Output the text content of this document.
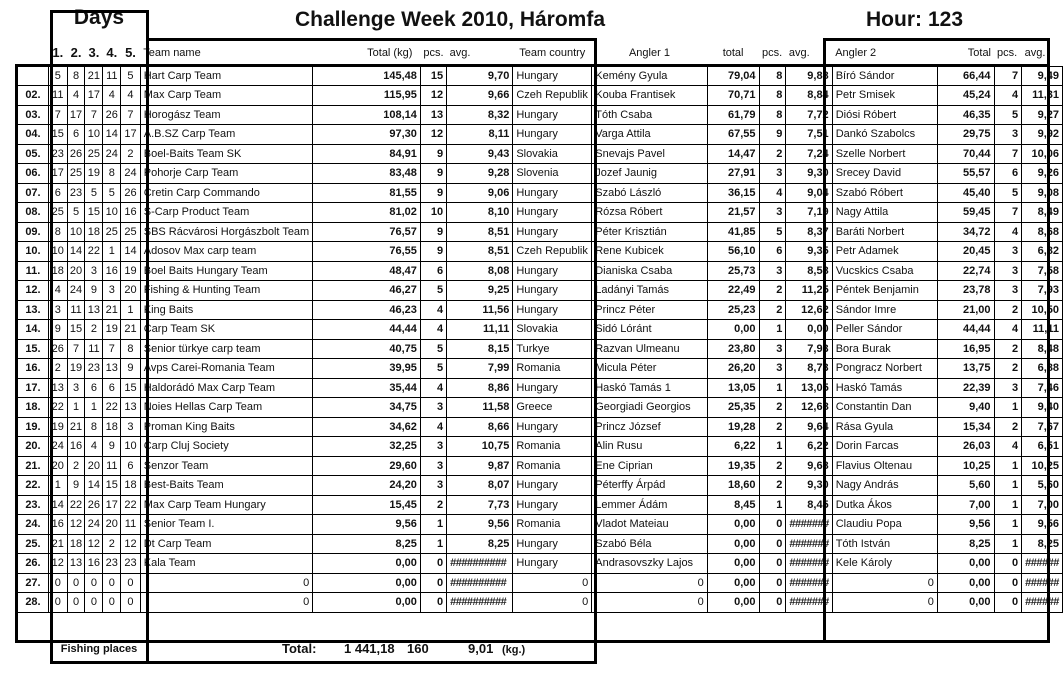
Days	Challenge Week 2010, Háromfa	Hour: 123
	1.	2.	3.	4.	5.	Team name	Total (kg)	pcs.	avg.	Team country	Angler 1	total	pcs.	avg.	Angler 2	Total	pcs.	avg.
	5	8	21	11	5	Hart Carp Team	145,48	15	9,70	Hungary	Kemény Gyula	79,04	8	9,88	Bíró Sándor	66,44	7	9,49
02.	11	4	17	4	4	Max Carp Team	115,95	12	9,66	Czeh Republik	Kouba Frantisek	70,71	8	8,84	Petr Smisek	45,24	4	11,31
03.	7	17	7	26	7	Horogász Team	108,14	13	8,32	Hungary	Tóth Csaba	61,79	8	7,72	Diósi Róbert	46,35	5	9,27
04.	15	6	10	14	17	A.B.SZ Carp Team	97,30	12	8,11	Hungary	Varga Attila	67,55	9	7,51	Dankó Szabolcs	29,75	3	9,92
05.	23	26	25	24	2	Boel-Baits Team SK	84,91	9	9,43	Slovakia	Snevajs Pavel	14,47	2	7,24	Szelle Norbert	70,44	7	10,06
06.	17	25	19	8	24	Pohorje Carp Team	83,48	9	9,28	Slovenia	Jozef Jaunig	27,91	3	9,30	Srecey David	55,57	6	9,26
07.	6	23	5	5	26	Cretin Carp Commando	81,55	9	9,06	Hungary	Szabó László	36,15	4	9,04	Szabó Róbert	45,40	5	9,08
08.	25	5	15	10	16	S-Carp Product Team	81,02	10	8,10	Hungary	Rózsa Róbert	21,57	3	7,19	Nagy Attila	59,45	7	8,49
09.	8	10	18	25	25	SBS Rácvárosi Horgászbolt Team	76,57	9	8,51	Hungary	Péter Krisztián	41,85	5	8,37	Baráti Norbert	34,72	4	8,68
10.	10	14	22	1	14	Adosov Max carp team	76,55	9	8,51	Czeh Republik	Rene Kubicek	56,10	6	9,35	Petr Adamek	20,45	3	6,82
11.	18	20	3	16	19	Boel Baits Hungary Team	48,47	6	8,08	Hungary	Dianiska Csaba	25,73	3	8,58	Vucskics Csaba	22,74	3	7,58
12.	4	24	9	3	20	Fishing & Hunting Team	46,27	5	9,25	Hungary	Ladányi Tamás	22,49	2	11,25	Péntek Benjamin	23,78	3	7,93
13.	3	11	13	21	1	King Baits	46,23	4	11,56	Hungary	Princz Péter	25,23	2	12,62	Sándor Imre	21,00	2	10,50
14.	9	15	2	19	21	Carp Team SK	44,44	4	11,11	Slovakia	Sidó Lóránt	0,00	1	0,00	Peller Sándor	44,44	4	11,11
15.	26	7	11	7	8	Senior türkye carp team	40,75	5	8,15	Turkye	Razvan Ulmeanu	23,80	3	7,93	Bora Burak	16,95	2	8,48
16.	2	19	23	13	9	Avps Carei-Romania Team	39,95	5	7,99	Romania	Micula Péter	26,20	3	8,73	Pongracz Norbert	13,75	2	6,88
17.	13	3	6	6	15	Haldorádó Max Carp Team	35,44	4	8,86	Hungary	Haskó Tamás 1	13,05	1	13,05	Haskó Tamás	22,39	3	7,46
18.	22	1	1	22	13	Noies Hellas Carp Team	34,75	3	11,58	Greece	Georgiadi Georgios	25,35	2	12,68	Constantin Dan	9,40	1	9,40
19.	19	21	8	18	3	Proman King Baits	34,62	4	8,66	Hungary	Princz József	19,28	2	9,64	Rása Gyula	15,34	2	7,67
20.	24	16	4	9	10	Carp Cluj Society	32,25	3	10,75	Romania	Alin Rusu	6,22	1	6,22	Dorin Farcas	26,03	4	6,51
21.	20	2	20	11	6	Senzor Team	29,60	3	9,87	Romania	Ene Ciprian	19,35	2	9,68	Flavius Oltenau	10,25	1	10,25
22.	1	9	14	15	18	Best-Baits Team	24,20	3	8,07	Hungary	Péterffy Árpád	18,60	2	9,30	Nagy András	5,60	1	5,60
23.	14	22	26	17	22	Max Carp Team Hungary	15,45	2	7,73	Hungary	Lemmer Ádám	8,45	1	8,45	Dutka Ákos	7,00	1	7,00
24.	16	12	24	20	11	Senior Team I.	9,56	1	9,56	Romania	Vladot Mateiau	0,00	0	#######	Claudiu Popa	9,56	1	9,56
25.	21	18	12	2	12	Dt Carp Team	8,25	1	8,25	Hungary	Szabó Béla	0,00	0	#######	Tóth István	8,25	1	8,25
26.	12	13	16	23	23	Kala Team	0,00	0	##########	Hungary	Andrasovszky Lajos	0,00	0	#######	Kele Károly	0,00	0	######
27.	0	0	0	0	0	0	0,00	0	##########	0	0	0,00	0	#######	0	0,00	0	######
28.	0	0	0	0	0	0	0,00	0	##########	0	0	0,00	0	#######	0	0,00	0	######
Fishing places	Total: 1 441,18 160	9,01 (kg.)
